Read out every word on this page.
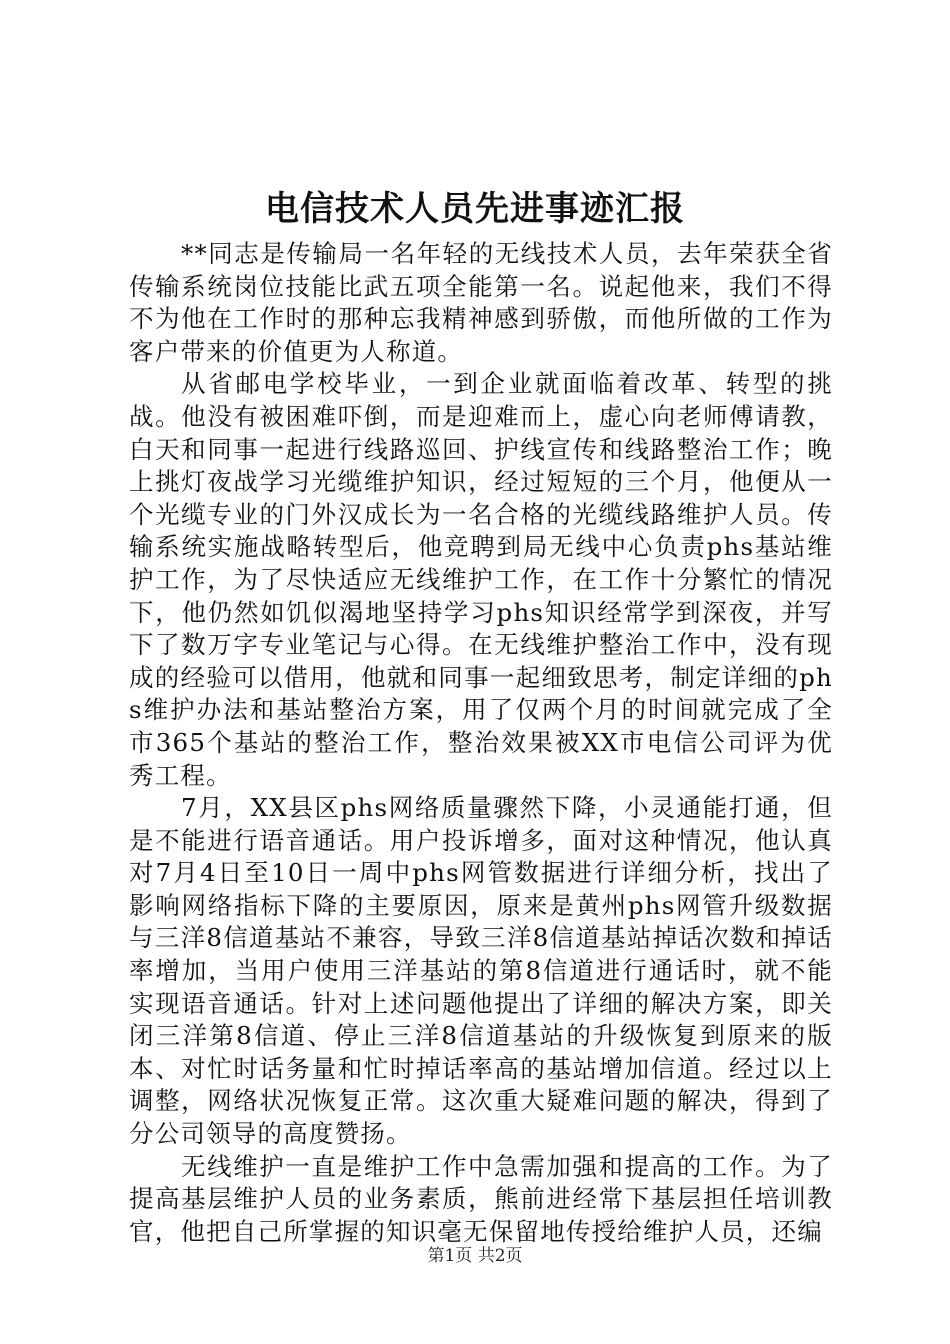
电信技术人员先进事迹汇报

**同志是传输局一名年轻的无线技术人员，去年荣获全省传输系统岗位技能比武五项全能第一名。说起他来，我们不得不为他在工作时的那种忘我精神感到骄傲，而他所做的工作为客户带来的价值更为人称道。

从省邮电学校毕业，一到企业就面临着改革、转型的挑战。他没有被困难吓倒，而是迎难而上，虚心向老师傅请教，白天和同事一起进行线路巡回、护线宣传和线路整治工作；晚上挑灯夜战学习光缆维护知识，经过短短的三个月，他便从一个光缆专业的门外汉成长为一名合格的光缆线路维护人员。传输系统实施战略转型后，他竞聘到局无线中心负责phs基站维护工作，为了尽快适应无线维护工作，在工作十分繁忙的情况下，他仍然如饥似渴地坚持学习phs知识经常学到深夜，并写下了数万字专业笔记与心得。在无线维护整治工作中，没有现成的经验可以借用，他就和同事一起细致思考，制定详细的phs维护办法和基站整治方案，用了仅两个月的时间就完成了全市365个基站的整治工作，整治效果被XX市电信公司评为优秀工程。

7月，XX县区phs网络质量骤然下降，小灵通能打通，但是不能进行语音通话。用户投诉增多，面对这种情况，他认真对7月4日至10日一周中phs网管数据进行详细分析，找出了影响网络指标下降的主要原因，原来是黄州phs网管升级数据与三洋8信道基站不兼容，导致三洋8信道基站掉话次数和掉话率增加，当用户使用三洋基站的第8信道进行通话时，就不能实现语音通话。针对上述问题他提出了详细的解决方案，即关闭三洋第8信道、停止三洋8信道基站的升级恢复到原来的版本、对忙时话务量和忙时掉话率高的基站增加信道。经过以上调整，网络状况恢复正常。这次重大疑难问题的解决，得到了分公司领导的高度赞扬。

无线维护一直是维护工作中急需加强和提高的工作。为了提高基层维护人员的业务素质，熊前进经常下基层担任培训教官，他把自己所掌握的知识毫无保留地传授给维护人员，还编

第1页 共2页
